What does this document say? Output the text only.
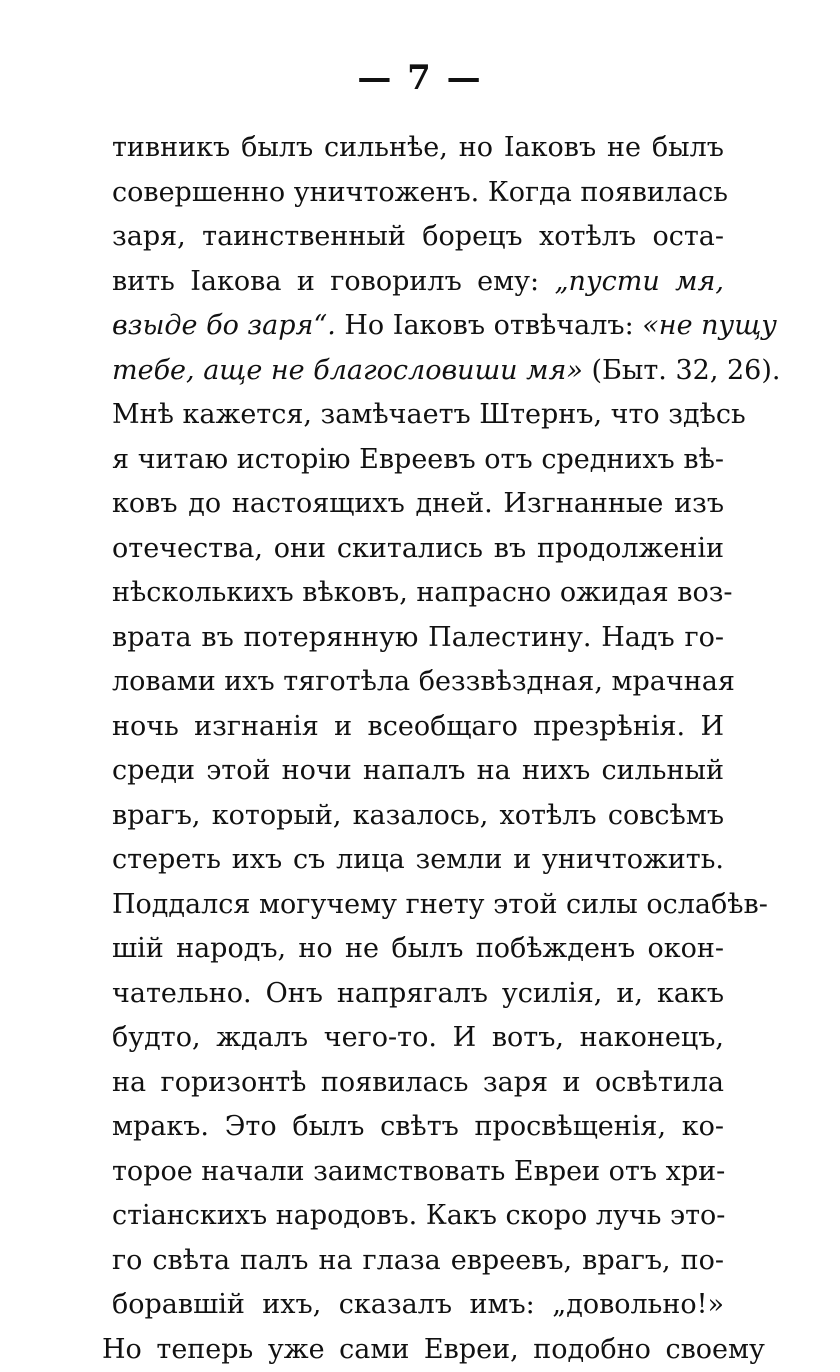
— 7 —
тивникъ былъ сильнѣе, но Іаковъ не былъ
совершенно уничтоженъ. Когда появилась
заря, таинственный борецъ хотѣлъ оста-
вить Іакова и говорилъ ему: „пусти мя,
взыде бо заря“. Но Іаковъ отвѣчалъ: «не пущу
тебе, аще не благословиши мя» (Быт. 32, 26).
Мнѣ кажется, замѣчаетъ Штернъ, что здѣсь
я читаю исторію Евреевъ отъ среднихъ вѣ-
ковъ до настоящихъ дней. Изгнанные изъ
отечества, они скитались въ продолженіи
нѣсколькихъ вѣковъ, напрасно ожидая воз-
врата въ потерянную Палестину. Надъ го-
ловами ихъ тяготѣла беззвѣздная, мрачная
ночь изгнанія и всеобщаго презрѣнія. И
среди этой ночи напалъ на нихъ сильный
врагъ, который, казалось, хотѣлъ совсѣмъ
стереть ихъ съ лица земли и уничтожить.
Поддался могучему гнету этой силы ослабѣв-
шій народъ, но не былъ побѣжденъ окон-
чательно. Онъ напрягалъ усилія, и, какъ
будто, ждалъ чего-то. И вотъ, наконецъ,
на горизонтѣ появилась заря и освѣтила
мракъ. Это былъ свѣтъ просвѣщенія, ко-
торое начали заимствовать Евреи отъ хри-
стіанскихъ народовъ. Какъ скоро лучь это-
го свѣта палъ на глаза евреевъ, врагъ, по-
боравшій ихъ, сказалъ имъ: „довольно!»
Но теперь уже сами Евреи, подобно своему
